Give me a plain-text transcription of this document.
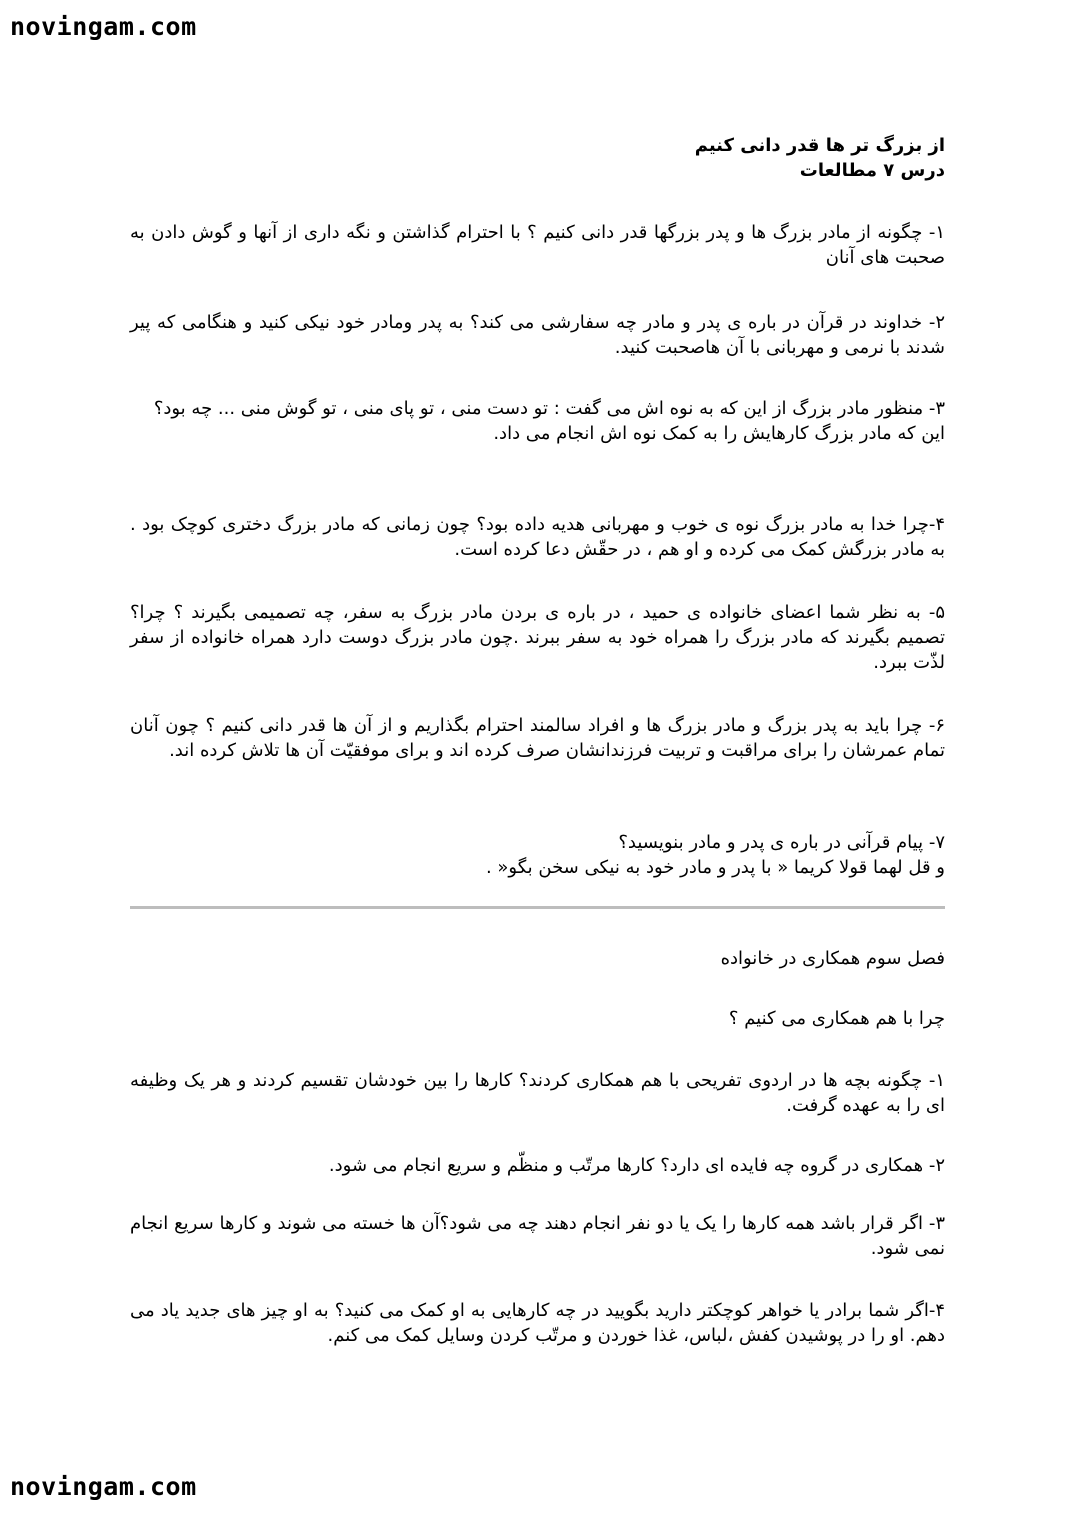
novingam.com
از بزرگ تر ها قدر دانی کنیم
درس ۷ مطالعات
۱- چگونه از مادر بزرگ ها و پدر بزرگها قدر دانی کنیم ؟ با احترام گذاشتن و نگه داری از آنها و گوش دادن به صحبت های آنان
۲- خداوند در قرآن در باره ی پدر و مادر چه سفارشی می کند؟ به پدر ومادر خود نیکی کنید و هنگامی که پیر شدند با نرمی و مهربانی با آن هاصحبت کنید.
۳- منظور مادر بزرگ از این که به نوه اش می گفت : تو دست منی ، تو پای منی ، تو گوش منی ... چه بود؟
این که مادر بزرگ کارهایش را به کمک نوه اش انجام می داد.
۴-چرا خدا به مادر بزرگ نوه ی خوب و مهربانی هدیه داده بود؟ چون زمانی که مادر بزرگ دختری کوچک بود . به مادر بزرگش کمک می کرده و او هم ، در حقّش دعا کرده است.
۵- به نظر شما اعضای خانواده ی حمید ، در باره ی بردن مادر بزرگ به سفر، چه تصمیمی بگیرند ؟ چرا؟ تصمیم بگیرند که مادر بزرگ را همراه خود به سفر ببرند .چون مادر بزرگ دوست دارد همراه خانواده از سفر لذّت ببرد.
۶- چرا باید به پدر بزرگ و مادر بزرگ ها و افراد سالمند احترام بگذاریم و از آن ها قدر دانی کنیم ؟ چون آنان تمام عمرشان را برای مراقبت و تربیت فرزندانشان صرف کرده اند و برای موفقیّت آن ها تلاش کرده اند.
۷- پیام قرآنی در باره ی پدر و مادر بنویسید؟
و قل لهما قولا کریما « با پدر و مادر خود به نیکی سخن بگو« .
فصل سوم همکاری در خانواده
چرا با هم همکاری می کنیم ؟
۱- چگونه بچه ها در اردوی تفریحی با هم همکاری کردند؟ کارها را بین خودشان تقسیم کردند و هر یک وظیفه ای را به عهده گرفت.
۲- همکاری در گروه چه فایده ای دارد؟ کارها مرتّب و منظّم و سریع انجام می شود.
۳- اگر قرار باشد همه کارها را یک یا دو نفر انجام دهند چه می شود؟آن ها خسته می شوند و کارها سریع انجام نمی شود.
۴-اگر شما برادر یا خواهر کوچکتر دارید بگویید در چه کارهایی به او کمک می کنید؟ به او چیز های جدید یاد می دهم. او را در پوشیدن کفش ،لباس، غذا خوردن و مرتّب کردن وسایل کمک می کنم.
novingam.com
